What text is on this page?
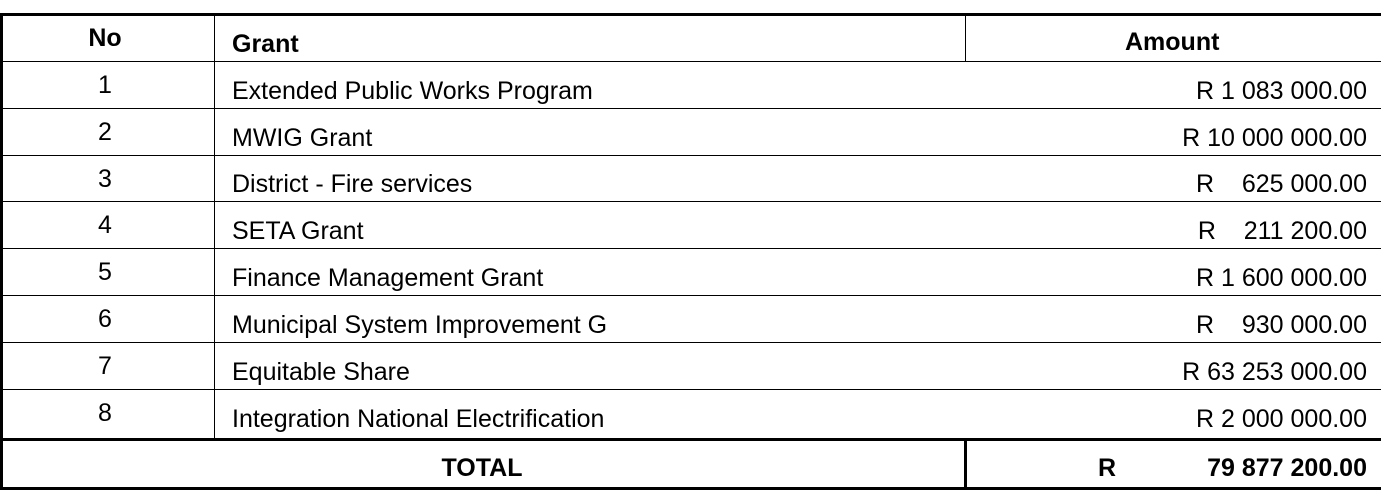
No	Grant	Amount
1	Extended Public Works Program	R 1 083 000.00
2	MWIG Grant	R 10 000 000.00
3	District - Fire services	R    625 000.00
4	SETA Grant	R    211 200.00
5	Finance Management Grant	R 1 600 000.00
6	Municipal System Improvement G	R    930 000.00
7	Equitable Share	R 63 253 000.00
8	Integration National Electrification	R 2 000 000.00
TOTAL	R	79 877 200.00
